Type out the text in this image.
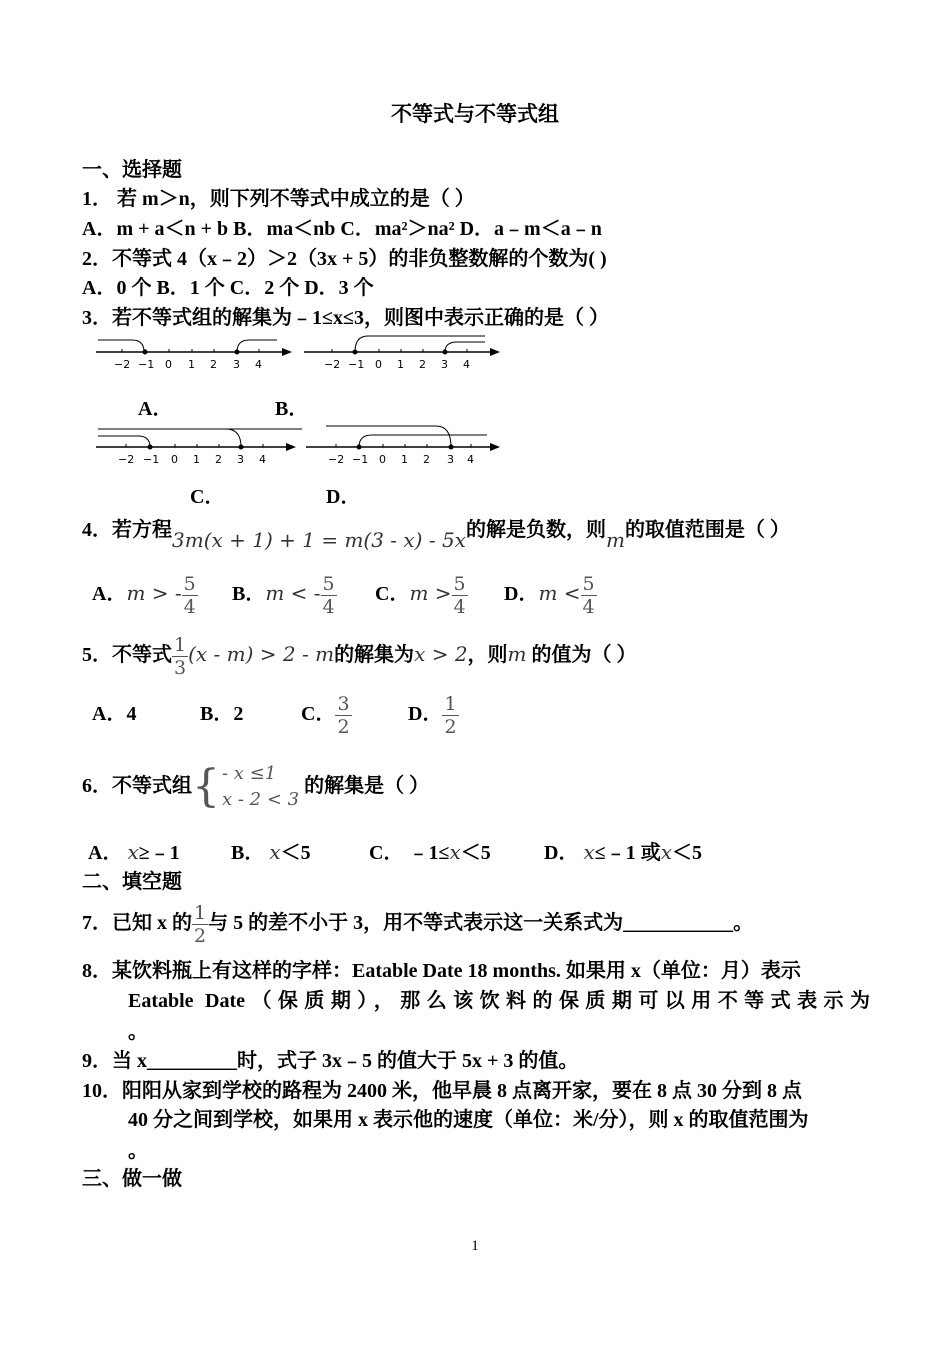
不等式与不等式组
一、选择题
1． 若 m＞n，则下列不等式中成立的是（ ）
A．m + a＜n + b B．ma＜nb C．ma²＞na² D．a﹣m＜a﹣n
2．不等式 4（x﹣2）＞2（3x + 5）的非负整数解的个数为( )
A．0 个 B．1 个 C．2 个 D．3 个
3．若不等式组的解集为﹣1≤x≤3，则图中表示正确的是（ ）
−2 −1 0 1 2 3 4	−2 −1 0 1 2 3 4
A．	B．
−2 −1 0 1 2 3 4	−2 −1 0 1 2 3 4
C．	D．
4．若方程3m(x + 1) + 1 = m(3 - x) - 5x的解是负数，则m的取值范围是（ ）
A．m > - $\frac{5}{4}$ B．m < - $\frac{5}{4}$ C．$m > \frac{5}{4}$ D．$m < \frac{5}{4}$
5．不等式 $\frac{1}{3} (x - m) > 2 - m$的解集为x > 2，则m 的值为（ ）
A．4	B．2	C． $\frac{3}{2}$	D． $\frac{1}{2}$
6．不等式组{ - x ≤1
x - 2 < 3
的解集是（ ）
A． x≥﹣1	B． x＜5	C． ﹣1≤x＜5	D． x≤﹣1 或x＜5
二、填空题
7．已知 x 的 $\frac{1}{2}$ 与 5 的差不小于 3，用不等式表示这一关系式为___________。
8．某饮料瓶上有这样的字样：Eatable Date 18 months. 如果用 x（单位：月）表示
Eatable Date（保质期），那么该饮料的保质期可以用不等式表示为
。
9．当 x_________时，式子 3x﹣5 的值大于 5x + 3 的值。
10．阳阳从家到学校的路程为 2400 米，他早晨 8 点离开家，要在 8 点 30 分到 8 点
40 分之间到学校，如果用 x 表示他的速度（单位：米/分），则 x 的取值范围为
。
三、做一做
1
